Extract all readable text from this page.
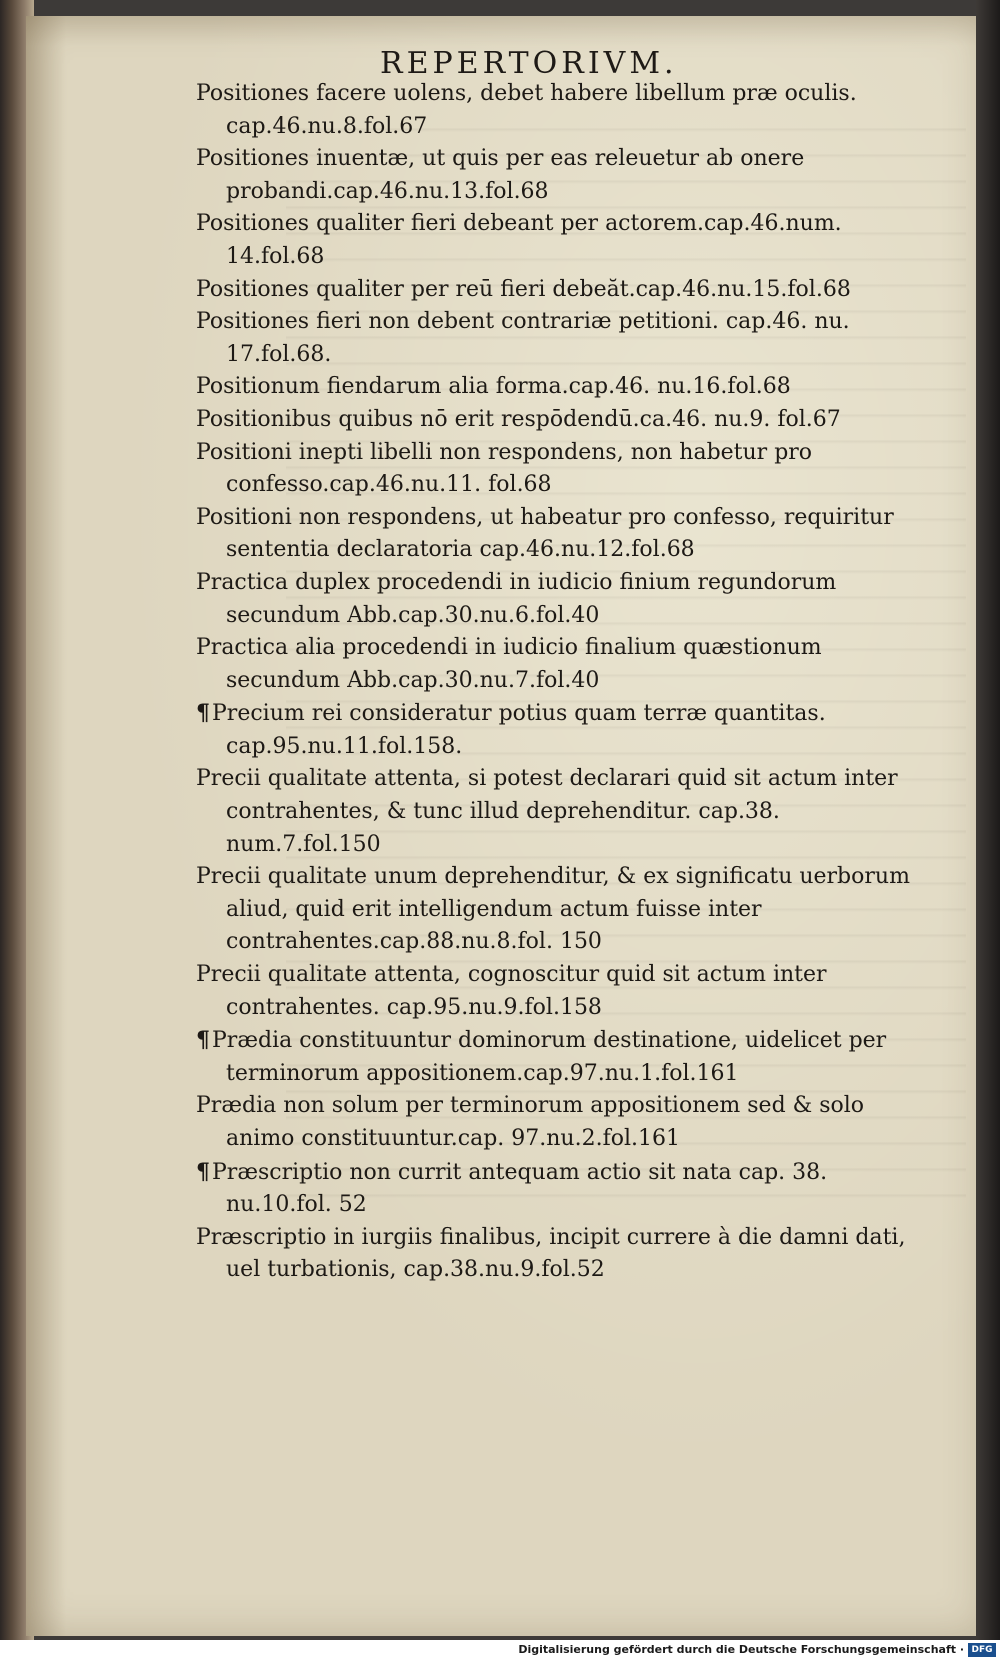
REPERTORIVM.

Positiones facere uolens, debet habere libellum præ oculis. cap.46.nu.8.fol.67

Positiones inuentæ, ut quis per eas releuetur ab onere probandi.cap.46.nu.13.fol.68

Positiones qualiter fieri debeant per actorem.cap.46.num. 14.fol.68

Positiones qualiter per reū fieri debeăt.cap.46.nu.15.fol.68

Positiones fieri non debent contrariæ petitioni. cap.46. nu. 17.fol.68.

Positionum fiendarum alia forma.cap.46. nu.16.fol.68

Positionibus quibus nō erit respōdendū.ca.46. nu.9. fol.67

Positioni inepti libelli non respondens, non habetur pro confesso.cap.46.nu.11. fol.68

Positioni non respondens, ut habeatur pro confesso, requiritur sententia declaratoria cap.46.nu.12.fol.68

Practica duplex procedendi in iudicio finium regundorum secundum Abb.cap.30.nu.6.fol.40

Practica alia procedendi in iudicio finalium quæstionum secundum Abb.cap.30.nu.7.fol.40

¶Precium rei consideratur potius quam terræ quantitas. cap.95.nu.11.fol.158.

Precii qualitate attenta, si potest declarari quid sit actum inter contrahentes, & tunc illud deprehenditur. cap.38. num.7.fol.150

Precii qualitate unum deprehenditur, & ex significatu uerborum aliud, quid erit intelligendum actum fuisse inter contrahentes.cap.88.nu.8.fol. 150

Precii qualitate attenta, cognoscitur quid sit actum inter contrahentes. cap.95.nu.9.fol.158

¶Prædia constituuntur dominorum destinatione, uidelicet per terminorum appositionem.cap.97.nu.1.fol.161

Prædia non solum per terminorum appositionem sed & solo animo constituuntur.cap. 97.nu.2.fol.161

¶Præscriptio non currit antequam actio sit nata cap. 38. nu.10.fol. 52

Præscriptio in iurgiis finalibus, incipit currere à die damni dati, uel turbationis, cap.38.nu.9.fol.52

Digitalisierung gefördert durch die Deutsche Forschungsgemeinschaft · DFG
